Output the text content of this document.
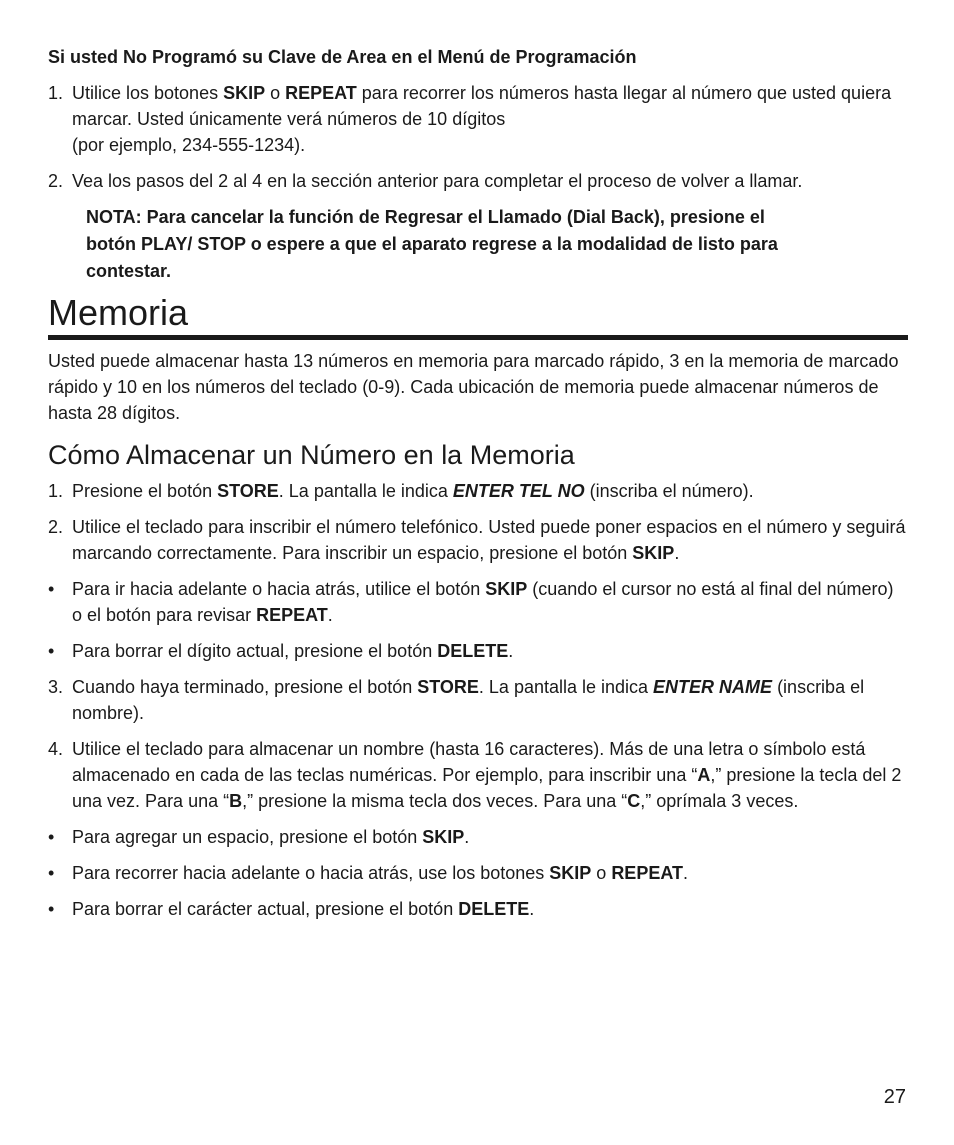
Si usted No Programó su Clave de Area en el Menú de Programación

1. Utilice los botones SKIP o REPEAT para recorrer los números hasta llegar al número que usted quiera marcar. Usted únicamente verá números de 10 dígitos
(por ejemplo, 234-555-1234).
2. Vea los pasos del 2 al 4 en la sección anterior para completar el proceso de volver a llamar.

NOTA: Para cancelar la función de Regresar el Llamado (Dial Back), presione el botón PLAY/ STOP o espere a que el aparato regrese a la modalidad de listo para contestar.

Memoria

Usted puede almacenar hasta 13 números en memoria para marcado rápido, 3 en la memoria de marcado rápido y 10 en los números del teclado (0-9). Cada ubicación de memoria puede almacenar números de hasta 28 dígitos.

Cómo Almacenar un Número en la Memoria
1. Presione el botón STORE. La pantalla le indica ENTER TEL NO (inscriba el número).
2. Utilice el teclado para inscribir el número telefónico. Usted puede poner espacios en el número y seguirá marcando correctamente. Para inscribir un espacio, presione el botón SKIP.
• Para ir hacia adelante o hacia atrás, utilice el botón SKIP (cuando el cursor no está al final del número) o el botón para revisar REPEAT.
• Para borrar el dígito actual, presione el botón DELETE.
3. Cuando haya terminado, presione el botón STORE. La pantalla le indica ENTER NAME (inscriba el nombre).
4. Utilice el teclado para almacenar un nombre (hasta 16 caracteres). Más de una letra o símbolo está almacenado en cada de las teclas numéricas. Por ejemplo, para inscribir una “A,” presione la tecla del 2 una vez. Para una “B,” presione la misma tecla dos veces. Para una “C,” oprímala 3 veces.
• Para agregar un espacio, presione el botón SKIP.
• Para recorrer hacia adelante o hacia atrás, use los botones SKIP o REPEAT.
• Para borrar el carácter actual, presione el botón DELETE.
27
